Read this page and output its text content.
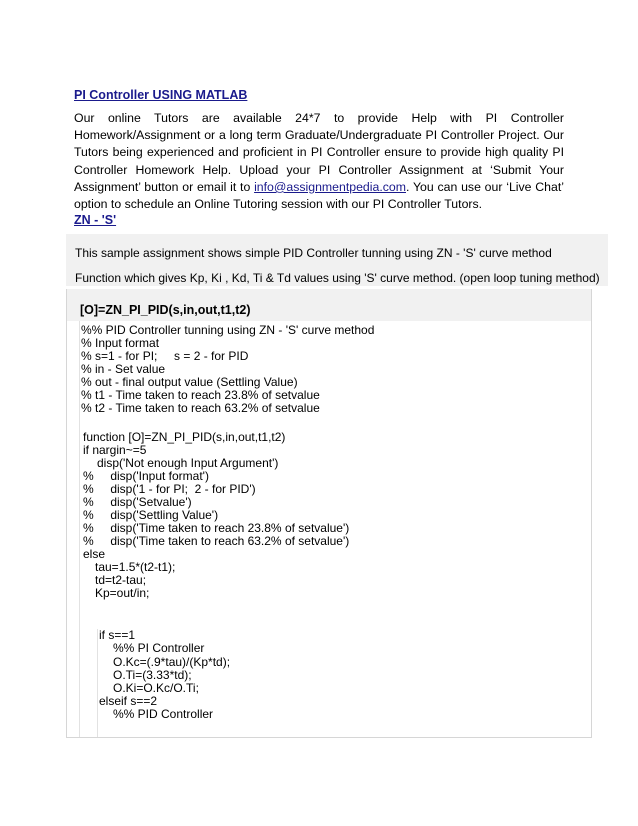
PI Controller USING MATLAB
Our online Tutors are available 24*7 to provide Help with PI Controller Homework/Assignment or a long term Graduate/Undergraduate PI Controller Project. Our Tutors being experienced and proficient in PI Controller ensure to provide high quality PI Controller Homework Help. Upload your PI Controller Assignment at ‘Submit Your Assignment’ button or email it to info@assignmentpedia.com. You can use our ‘Live Chat’ option to schedule an Online Tutoring session with our PI Controller Tutors.
ZN - 'S'
This sample assignment shows simple PID Controller tunning using ZN - 'S' curve method
Function which gives Kp, Ki , Kd, Ti & Td values using 'S' curve method. (open loop tuning method)
[O]=ZN_PI_PID(s,in,out,t1,t2)
%% PID Controller tunning using ZN - 'S' curve method
% Input format
% s=1 - for PI;     s = 2 - for PID
% in - Set value
% out - final output value (Settling Value)
% t1 - Time taken to reach 23.8% of setvalue
% t2 - Time taken to reach 63.2% of setvalue
function [O]=ZN_PI_PID(s,in,out,t1,t2)
if nargin~=5
disp('Not enough Input Argument')
%     disp('Input format')
%     disp('1 - for PI;  2 - for PID')
%     disp('Setvalue')
%     disp('Settling Value')
%     disp('Time taken to reach 23.8% of setvalue')
%     disp('Time taken to reach 63.2% of setvalue')
else
tau=1.5*(t2-t1);
td=t2-tau;
Kp=out/in;
if s==1
%% PI Controller
O.Kc=(.9*tau)/(Kp*td);
O.Ti=(3.33*td);
O.Ki=O.Kc/O.Ti;
elseif s==2
%% PID Controller
